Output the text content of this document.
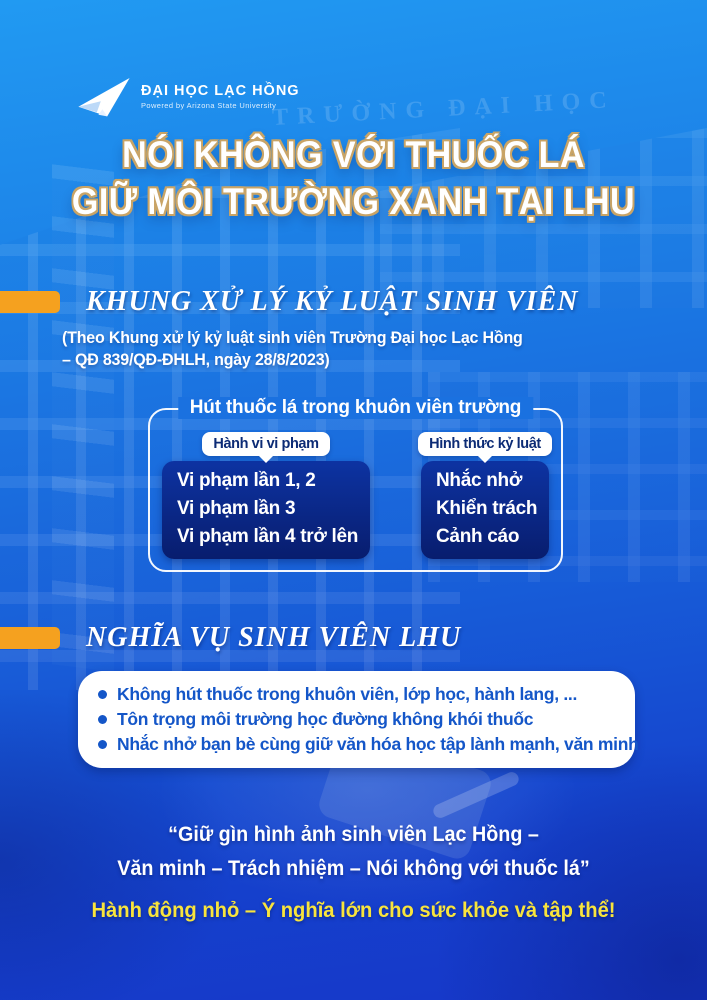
TRƯỜNG ĐẠI HỌC
ĐẠI HỌC LẠC HỒNG
Powered by Arizona State University
NÓI KHÔNG VỚI THUỐC LÁ
GIỮ MÔI TRƯỜNG XANH TẠI LHU
KHUNG XỬ LÝ KỶ LUẬT SINH VIÊN

(Theo Khung xử lý kỷ luật sinh viên Trường Đại học Lạc Hồng
– QĐ 839/QĐ-ĐHLH, ngày 28/8/2023)

Hút thuốc lá trong khuôn viên trường
Hành vi vi phạm
Vi phạm lần 1, 2
Vi phạm lần 3
Vi phạm lần 4 trở lên
Hình thức kỷ luật
Nhắc nhở
Khiển trách
Cảnh cáo
NGHĨA VỤ SINH VIÊN LHU
Không hút thuốc trong khuôn viên, lớp học, hành lang, ...
Tôn trọng môi trường học đường không khói thuốc
Nhắc nhở bạn bè cùng giữ văn hóa học tập lành mạnh, văn minh
“Giữ gìn hình ảnh sinh viên Lạc Hồng –
Văn minh – Trách nhiệm – Nói không với thuốc lá”
Hành động nhỏ – Ý nghĩa lớn cho sức khỏe và tập thể!
